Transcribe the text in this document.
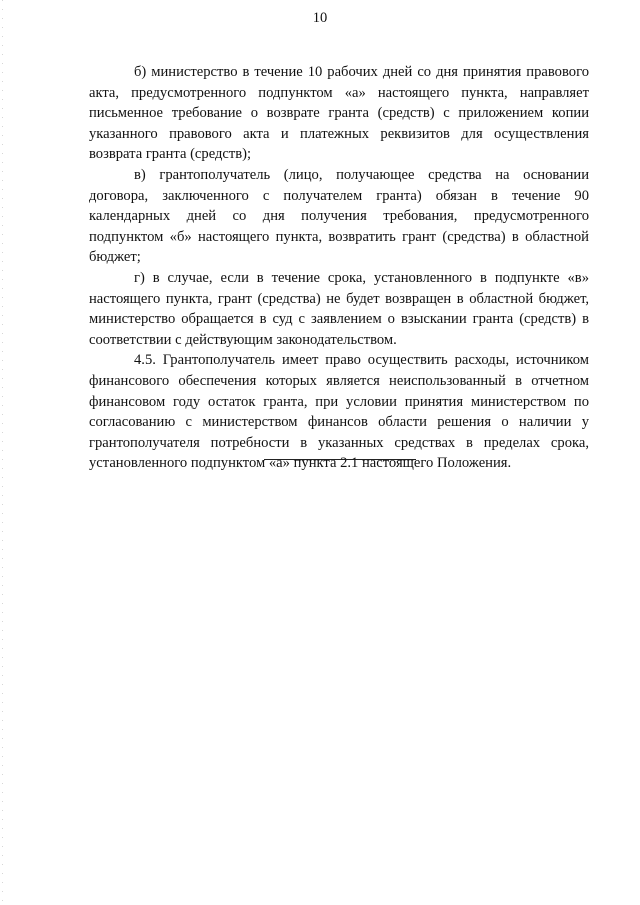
10

б) министерство в течение 10 рабочих дней со дня принятия правового акта, предусмотренного подпунктом «а» настоящего пункта, направляет письменное требование о возврате гранта (средств) с приложением копии указанного правового акта и платежных реквизитов для осуществления возврата гранта (средств);

в) грантополучатель (лицо, получающее средства на основании договора, заключенного с получателем гранта) обязан в течение 90 календарных дней со дня получения требования, предусмотренного подпунктом «б» настоящего пункта, возвратить грант (средства) в областной бюджет;

г) в случае, если в течение срока, установленного в подпункте «в» настоящего пункта, грант (средства) не будет возвращен в областной бюджет, министерство обращается в суд с заявлением о взыскании гранта (средств) в соответствии с действующим законодательством.

4.5. Грантополучатель имеет право осуществить расходы, источником финансового обеспечения которых является неиспользованный в отчетном финансовом году остаток гранта, при условии принятия министерством по согласованию с министерством финансов области решения о наличии у грантополучателя потребности в указанных средствах в пределах срока, установленного подпунктом «а» пункта 2.1 настоящего Положения.
